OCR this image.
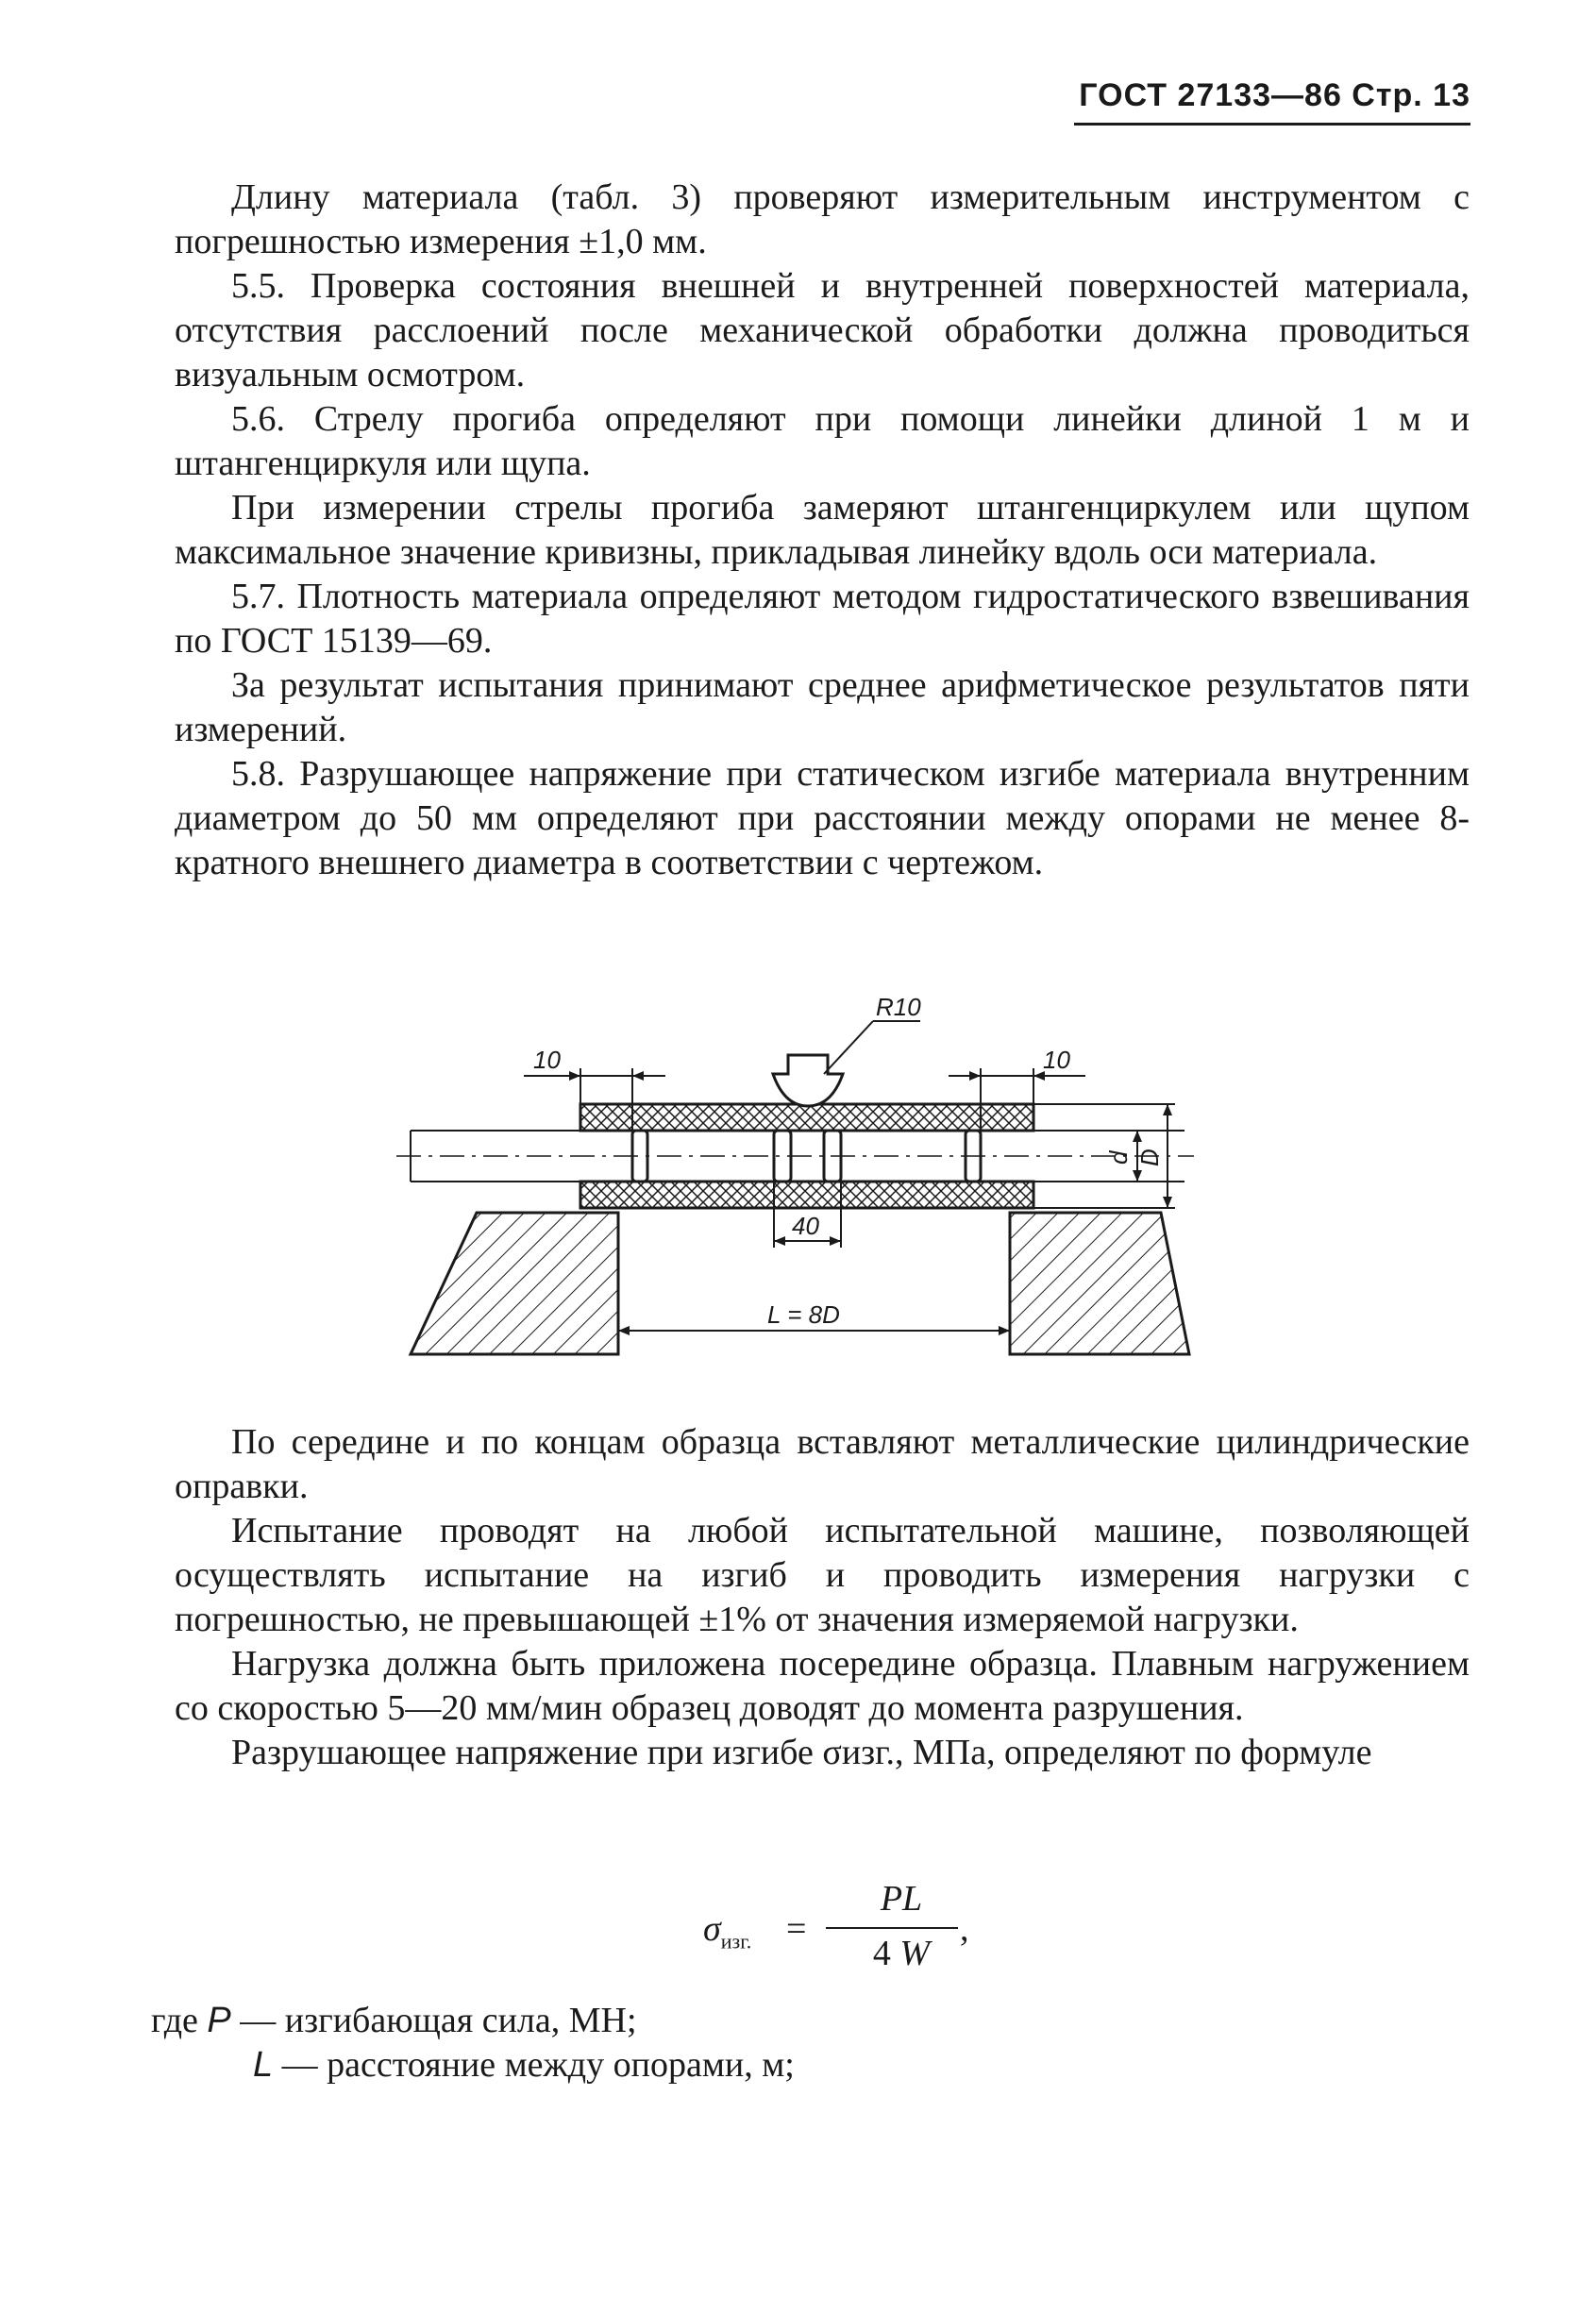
ГОСТ 27133—86 Стр. 13

Длину материала (табл. 3) проверяют измерительным инструментом с погрешностью измерения ±1,0 мм.

5.5. Проверка состояния внешней и внутренней поверхностей материала, отсутствия расслоений после механической обработки должна проводиться визуальным осмотром.

5.6. Стрелу прогиба определяют при помощи линейки длиной 1 м и штангенциркуля или щупа.

При измерении стрелы прогиба замеряют штангенциркулем или щупом максимальное значение кривизны, прикладывая линейку вдоль оси материала.

5.7. Плотность материала определяют методом гидростатического взвешивания по ГОСТ 15139—69.

За результат испытания принимают среднее арифметическое результатов пяти измерений.

5.8. Разрушающее напряжение при статическом изгибе материала внутренним диаметром до 50 мм определяют при расстоянии между опорами не менее 8-кратного внешнего диаметра в соответствии с чертежом.

R10
10	10
d D
40
L = 8D

По середине и по концам образца вставляют металлические цилиндрические оправки.

Испытание проводят на любой испытательной машине, позволяющей осуществлять испытание на изгиб и проводить измерения нагрузки с погрешностью, не превышающей ±1% от значения измеряемой нагрузки.

Нагрузка должна быть приложена посередине образца. Плавным нагружением со скоростью 5—20 мм/мин образец доводят до момента разрушения.

Разрушающее напряжение при изгибе σизг., МПа, определяют по формуле

$\sigma_{изг.}$ =
PL
4 W
,
где P — изгибающая сила, МН;
L — расстояние между опорами, м;
